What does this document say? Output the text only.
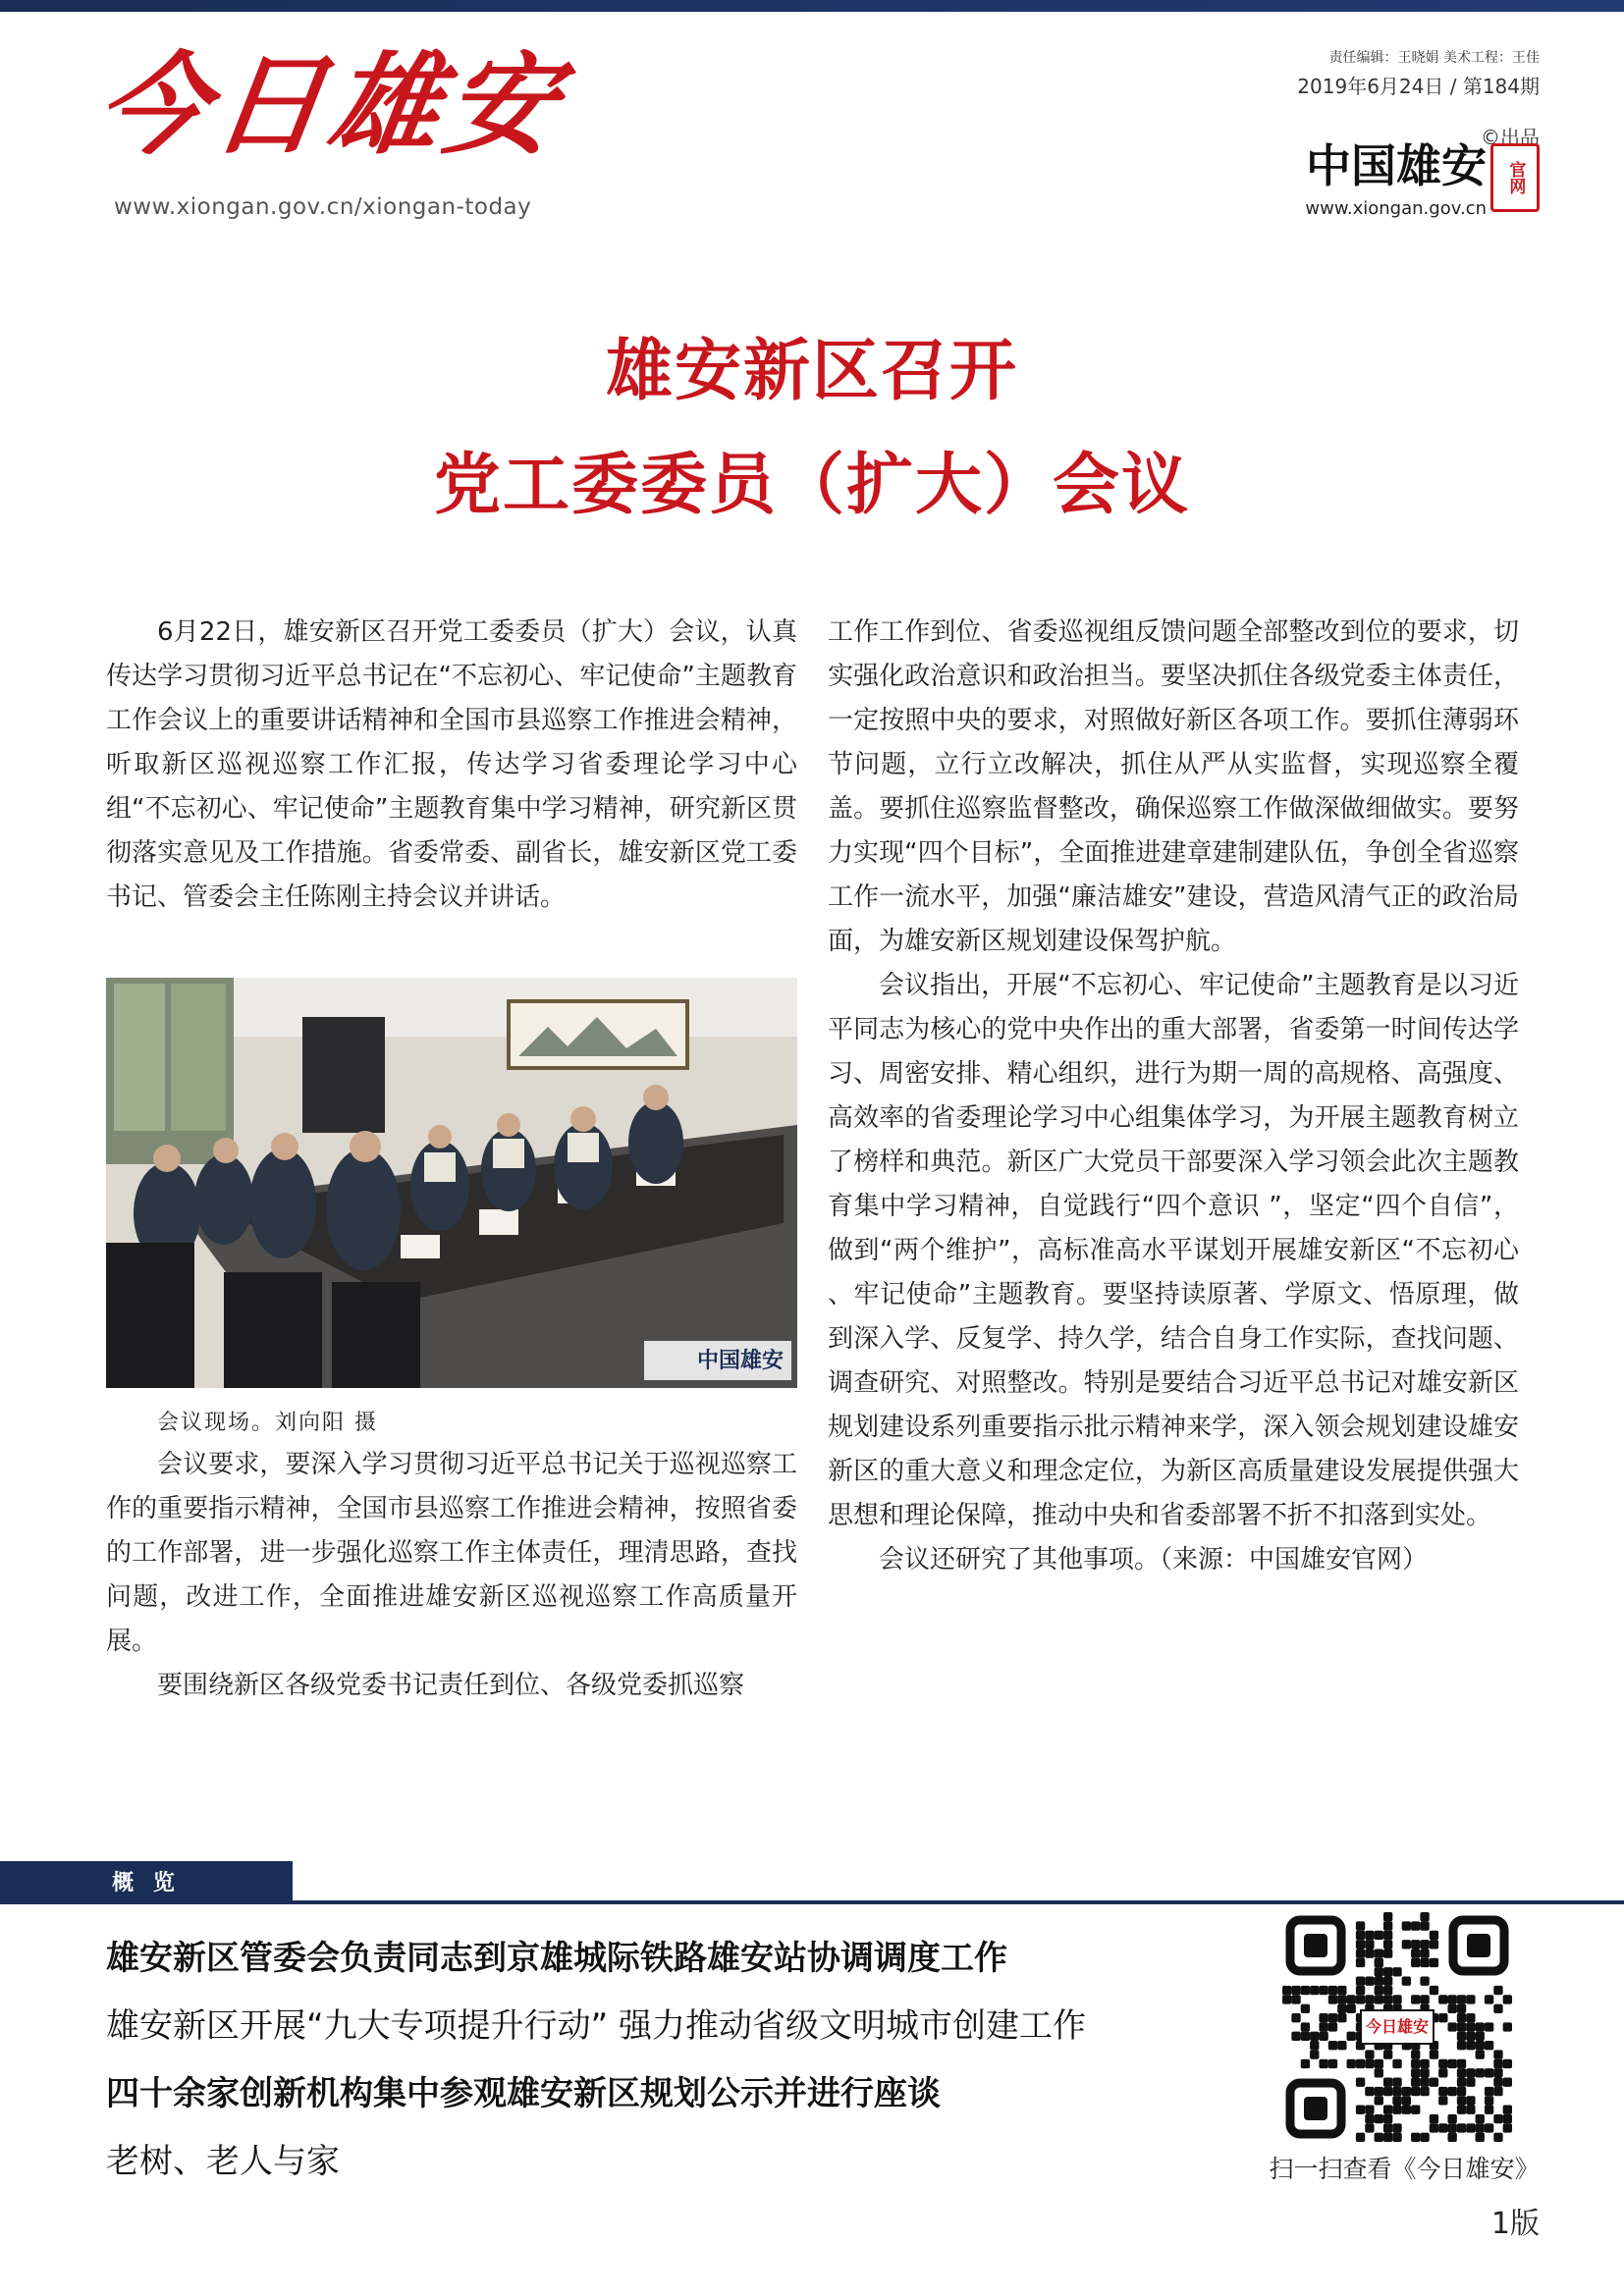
今日雄安
www.xiongan.gov.cn/xiongan-today
责任编辑：王晓娟 美术工程：王佳
2019年6月24日 / 第184期
©出品
中国雄安 官网
www.xiongan.gov.cn
雄安新区召开
党工委委员（扩大）会议

6月22日，雄安新区召开党工委委员（扩大）会议，认真传达学习贯彻习近平总书记在“不忘初心、牢记使命”主题教育工作会议上的重要讲话精神和全国市县巡察工作推进会精神，听取新区巡视巡察工作汇报，传达学习省委理论学习中心组“不忘初心、牢记使命”主题教育集中学习精神，研究新区贯彻落实意见及工作措施。省委常委、副省长，雄安新区党工委书记、管委会主任陈刚主持会议并讲话。

中国雄安
会议现场。刘向阳 摄

会议要求，要深入学习贯彻习近平总书记关于巡视巡察工作的重要指示精神，全国市县巡察工作推进会精神，按照省委的工作部署，进一步强化巡察工作主体责任，理清思路，查找问题，改进工作，全面推进雄安新区巡视巡察工作高质量开展。

要围绕新区各级党委书记责任到位、各级党委抓巡察

工作工作到位、省委巡视组反馈问题全部整改到位的要求，切实强化政治意识和政治担当。要坚决抓住各级党委主体责任，一定按照中央的要求，对照做好新区各项工作。要抓住薄弱环节问题，立行立改解决，抓住从严从实监督，实现巡察全覆盖。要抓住巡察监督整改，确保巡察工作做深做细做实。要努力实现“四个目标”，全面推进建章建制建队伍，争创全省巡察工作一流水平，加强“廉洁雄安”建设，营造风清气正的政治局面，为雄安新区规划建设保驾护航。

会议指出，开展“不忘初心、牢记使命”主题教育是以习近平同志为核心的党中央作出的重大部署，省委第一时间传达学习、周密安排、精心组织，进行为期一周的高规格、高强度、高效率的省委理论学习中心组集体学习，为开展主题教育树立了榜样和典范。新区广大党员干部要深入学习领会此次主题教育集中学习精神，自觉践行“四个意识 ”，坚定“四个自信”，做到“两个维护”，高标准高水平谋划开展雄安新区“不忘初心 、牢记使命”主题教育。要坚持读原著、学原文、悟原理，做到深入学、反复学、持久学，结合自身工作实际，查找问题、调查研究、对照整改。特别是要结合习近平总书记对雄安新区规划建设系列重要指示批示精神来学，深入领会规划建设雄安新区的重大意义和理念定位，为新区高质量建设发展提供强大思想和理论保障，推动中央和省委部署不折不扣落到实处。

会议还研究了其他事项。（来源：中国雄安官网）

概 览
雄安新区管委会负责同志到京雄城际铁路雄安站协调调度工作
雄安新区开展“九大专项提升行动” 强力推动省级文明城市创建工作
四十余家创新机构集中参观雄安新区规划公示并进行座谈
老树、老人与家
今日雄安
扫一扫查看《今日雄安》
1版
